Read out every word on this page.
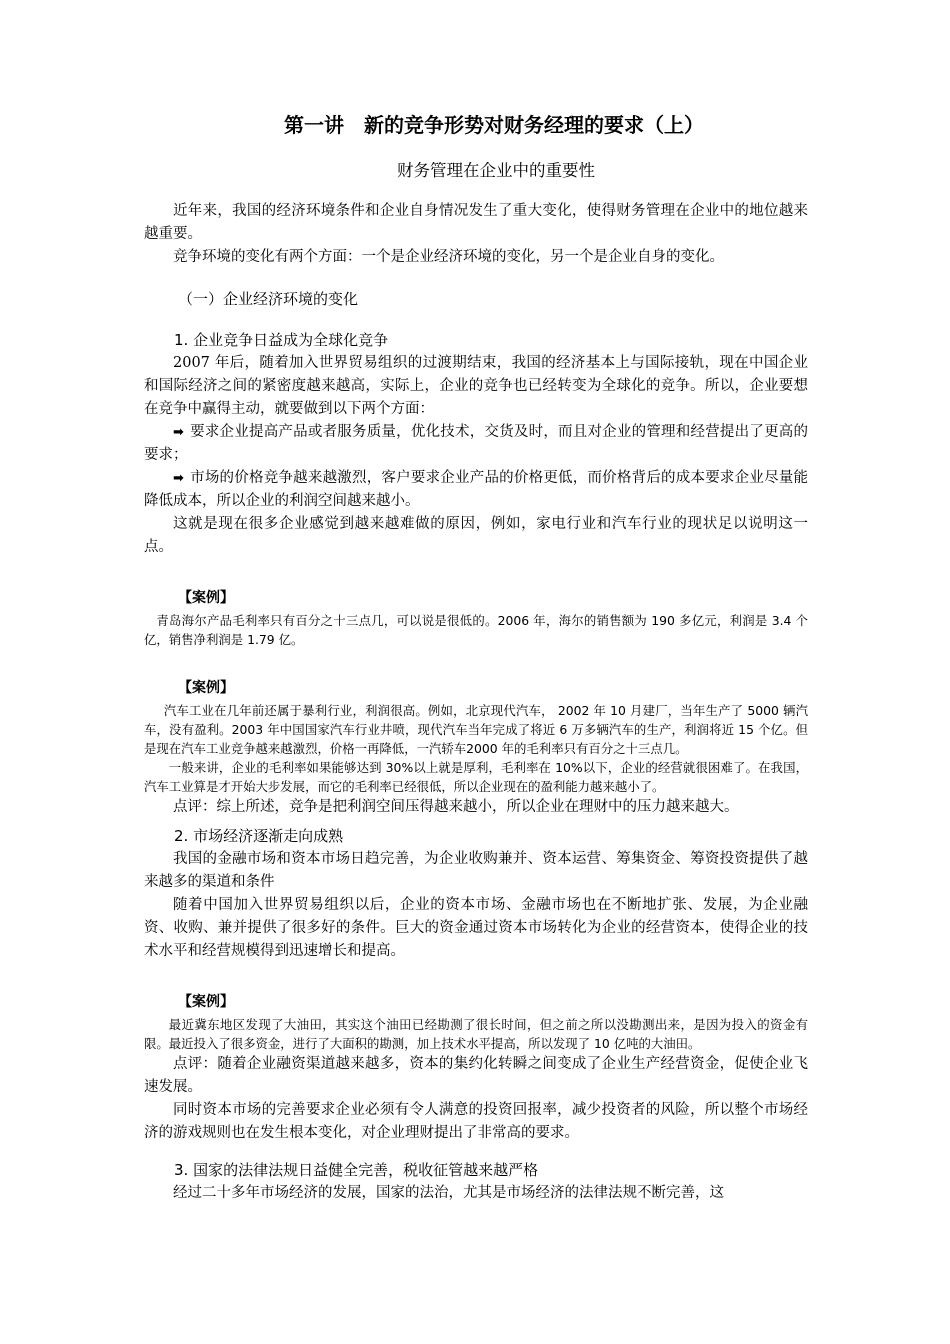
第一讲　新的竞争形势对财务经理的要求（上）
财务管理在企业中的重要性

近年来，我国的经济环境条件和企业自身情况发生了重大变化，使得财务管理在企业中的地位越来越重要。

竞争环境的变化有两个方面：一个是企业经济环境的变化，另一个是企业自身的变化。

（一）企业经济环境的变化
1. 企业竞争日益成为全球化竞争

2007 年后，随着加入世界贸易组织的过渡期结束，我国的经济基本上与国际接轨，现在中国企业和国际经济之间的紧密度越来越高，实际上，企业的竞争也已经转变为全球化的竞争。所以，企业要想在竞争中赢得主动，就要做到以下两个方面：

➡ 要求企业提高产品或者服务质量，优化技术，交货及时，而且对企业的管理和经营提出了更高的要求；

➡ 市场的价格竞争越来越激烈，客户要求企业产品的价格更低，而价格背后的成本要求企业尽量能降低成本，所以企业的利润空间越来越小。

这就是现在很多企业感觉到越来越难做的原因，例如，家电行业和汽车行业的现状足以说明这一点。

【案例】

青岛海尔产品毛利率只有百分之十三点几，可以说是很低的。2006 年，海尔的销售额为 190 多亿元，利润是 3.4 个亿，销售净利润是 1.79 亿。

【案例】

汽车工业在几年前还属于暴利行业，利润很高。例如，北京现代汽车， 2002 年 10 月建厂，当年生产了 5000 辆汽车，没有盈利。2003 年中国国家汽车行业井喷，现代汽车当年完成了将近 6 万多辆汽车的生产，利润将近 15 个亿。但是现在汽车工业竞争越来越激烈，价格一再降低，一汽轿车2000 年的毛利率只有百分之十三点几。

一般来讲，企业的毛利率如果能够达到 30%以上就是厚利，毛利率在 10%以下，企业的经营就很困难了。在我国，汽车工业算是才开始大步发展，而它的毛利率已经很低，所以企业现在的盈利能力越来越小了。

点评：综上所述，竞争是把利润空间压得越来越小，所以企业在理财中的压力越来越大。

2. 市场经济逐渐走向成熟

我国的金融市场和资本市场日趋完善，为企业收购兼并、资本运营、筹集资金、筹资投资提供了越来越多的渠道和条件

随着中国加入世界贸易组织以后，企业的资本市场、金融市场也在不断地扩张、发展，为企业融资、收购、兼并提供了很多好的条件。巨大的资金通过资本市场转化为企业的经营资本，使得企业的技术水平和经营规模得到迅速增长和提高。

【案例】

最近冀东地区发现了大油田，其实这个油田已经勘测了很长时间，但之前之所以没勘测出来，是因为投入的资金有限。最近投入了很多资金，进行了大面积的勘测，加上技术水平提高，所以发现了 10 亿吨的大油田。

点评：随着企业融资渠道越来越多，资本的集约化转瞬之间变成了企业生产经营资金，促使企业飞速发展。

同时资本市场的完善要求企业必须有令人满意的投资回报率，减少投资者的风险，所以整个市场经济的游戏规则也在发生根本变化，对企业理财提出了非常高的要求。

3. 国家的法律法规日益健全完善，税收征管越来越严格

经过二十多年市场经济的发展，国家的法治，尤其是市场经济的法律法规不断完善，这
